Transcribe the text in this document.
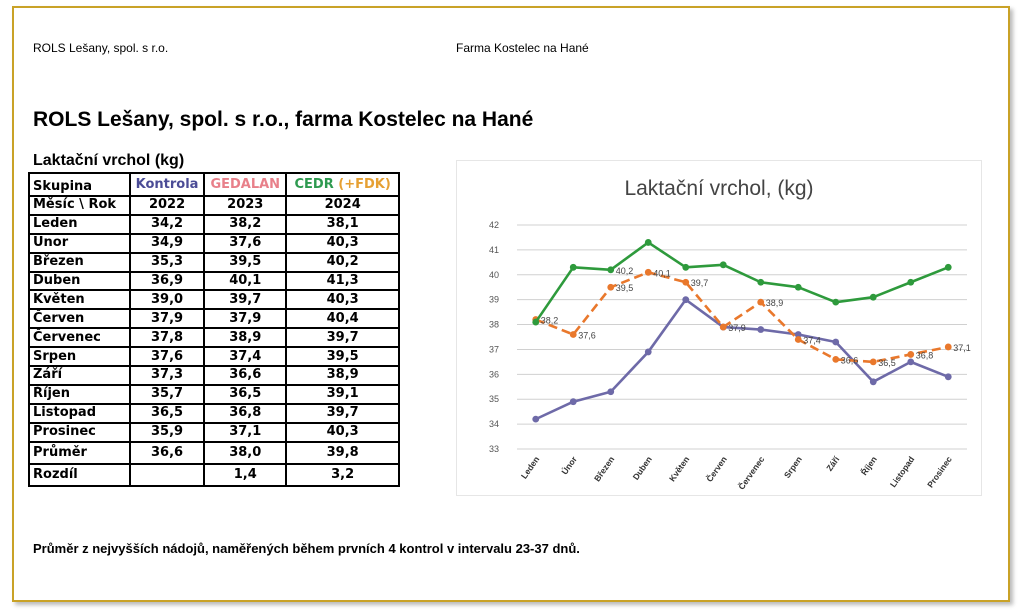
ROLS Lešany, spol. s r.o.	Farma Kostelec na Hané
ROLS Lešany, spol. s r.o., farma Kostelec na Hané
Laktační vrchol (kg)
Skupina	Kontrola	GEDALAN	CEDR (+FDK)
Měsíc \ Rok	2022	2023	2024
Leden	34,2	38,2	38,1
Únor	34,9	37,6	40,3
Březen	35,3	39,5	40,2
Duben	36,9	40,1	41,3
Květen	39,0	39,7	40,3
Červen	37,9	37,9	40,4
Červenec	37,8	38,9	39,7
Srpen	37,6	37,4	39,5
Září	37,3	36,6	38,9
Říjen	35,7	36,5	39,1
Listopad	36,5	36,8	39,7
Prosinec	35,9	37,1	40,3
Průměr	36,6	38,0	39,8
Rozdíl		1,4	3,2
Laktační vrchol, (kg)
33
34
35
36
37
38
39
40
41
42
Leden Únor Březen Duben Květen Červen Červenec Srpen Září Říjen Listopad Prosinec
38,2
37,6
39,5
40,1
39,7
37,9
38,9
37,4
36,6 36,5
36,8
37,1
40,2
Průměr z nejvyšších nádojů, naměřených během prvních 4 kontrol v intervalu 23-37 dnů.
